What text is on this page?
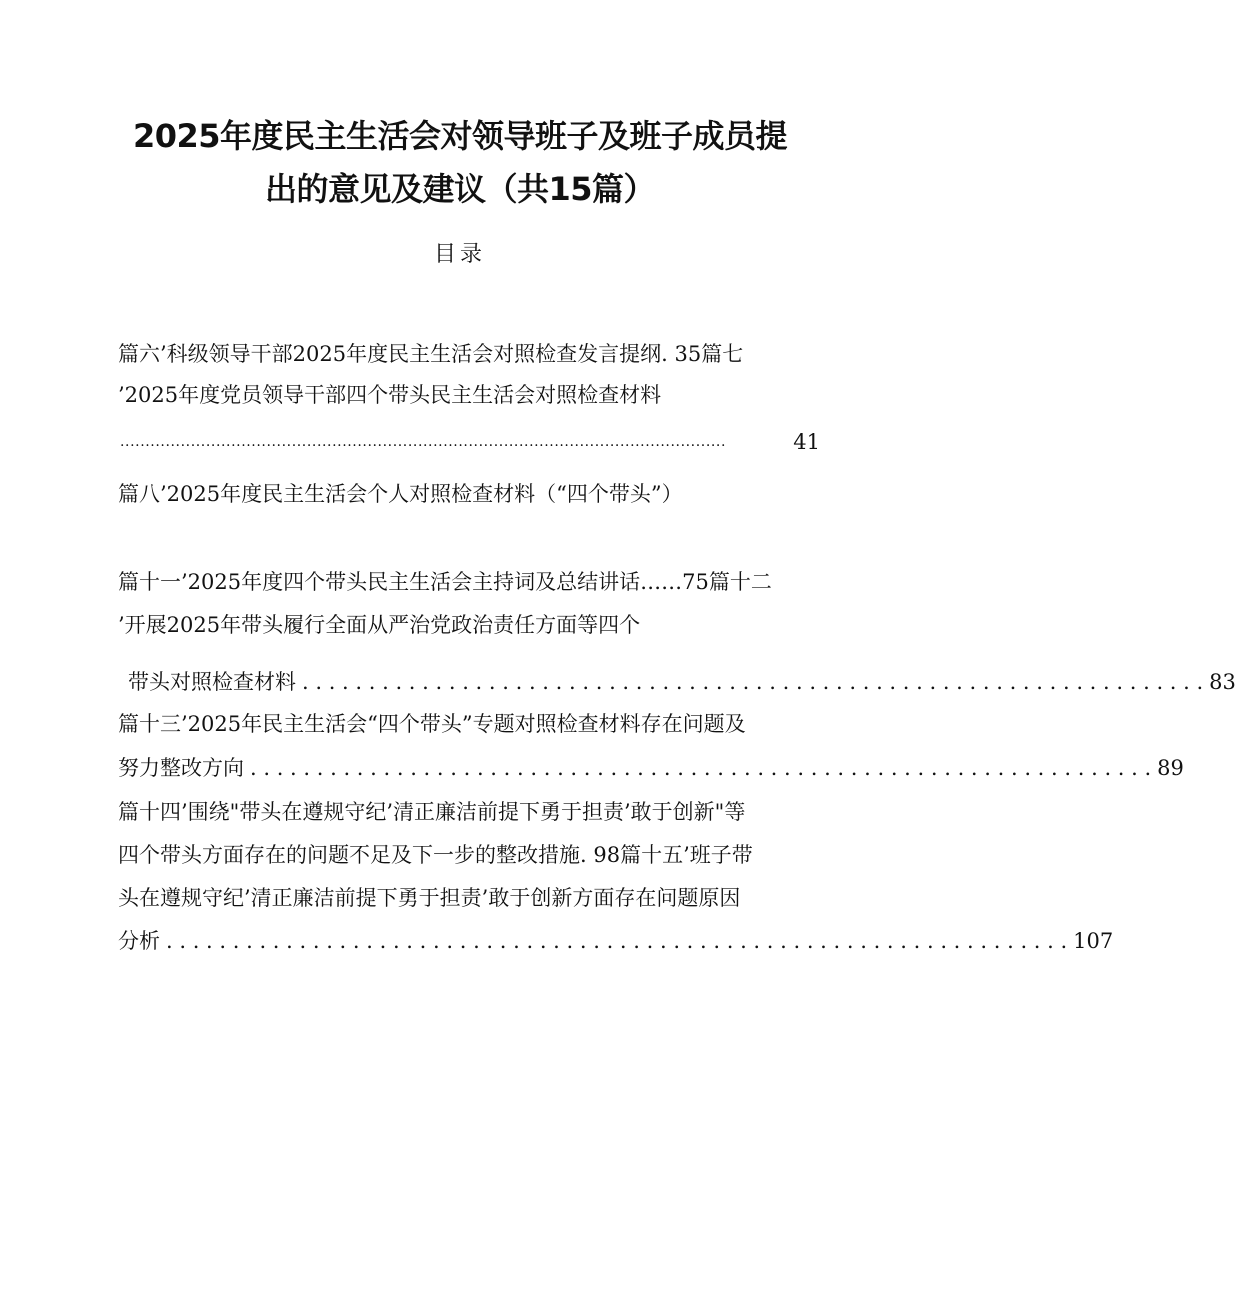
2025年度民主生活会对领导班子及班子成员提
出的意见及建议（共15篇）
目录
篇六’科级领导干部2025年度民主生活会对照检查发言提纲. 35篇七
’2025年度党员领导干部四个带头民主生活会对照检查材料
........................................................................................................................	41
篇八’2025年度民主生活会个人对照检查材料（“四个带头”）
篇十一’2025年度四个带头民主生活会主持词及总结讲话……75篇十二
’开展2025年带头履行全面从严治党政治责任方面等四个
带头对照检查材料 . . . . . . . . . . . . . . . . . . . . . . . . . . . . . . . . . . . . . . . . . . . . . . . . . . . . . . . . . . . . . . . . . . . . 83
篇十三’2025年民主生活会“四个带头”专题对照检查材料存在问题及
努力整改方向 . . . . . . . . . . . . . . . . . . . . . . . . . . . . . . . . . . . . . . . . . . . . . . . . . . . . . . . . . . . . . . . . . . . . 89
篇十四’围绕"带头在遵规守纪’清正廉洁前提下勇于担责’敢于创新"等
四个带头方面存在的问题不足及下一步的整改措施. 98篇十五’班子带
头在遵规守纪’清正廉洁前提下勇于担责’敢于创新方面存在问题原因
分析 . . . . . . . . . . . . . . . . . . . . . . . . . . . . . . . . . . . . . . . . . . . . . . . . . . . . . . . . . . . . . . . . . . . . 107
